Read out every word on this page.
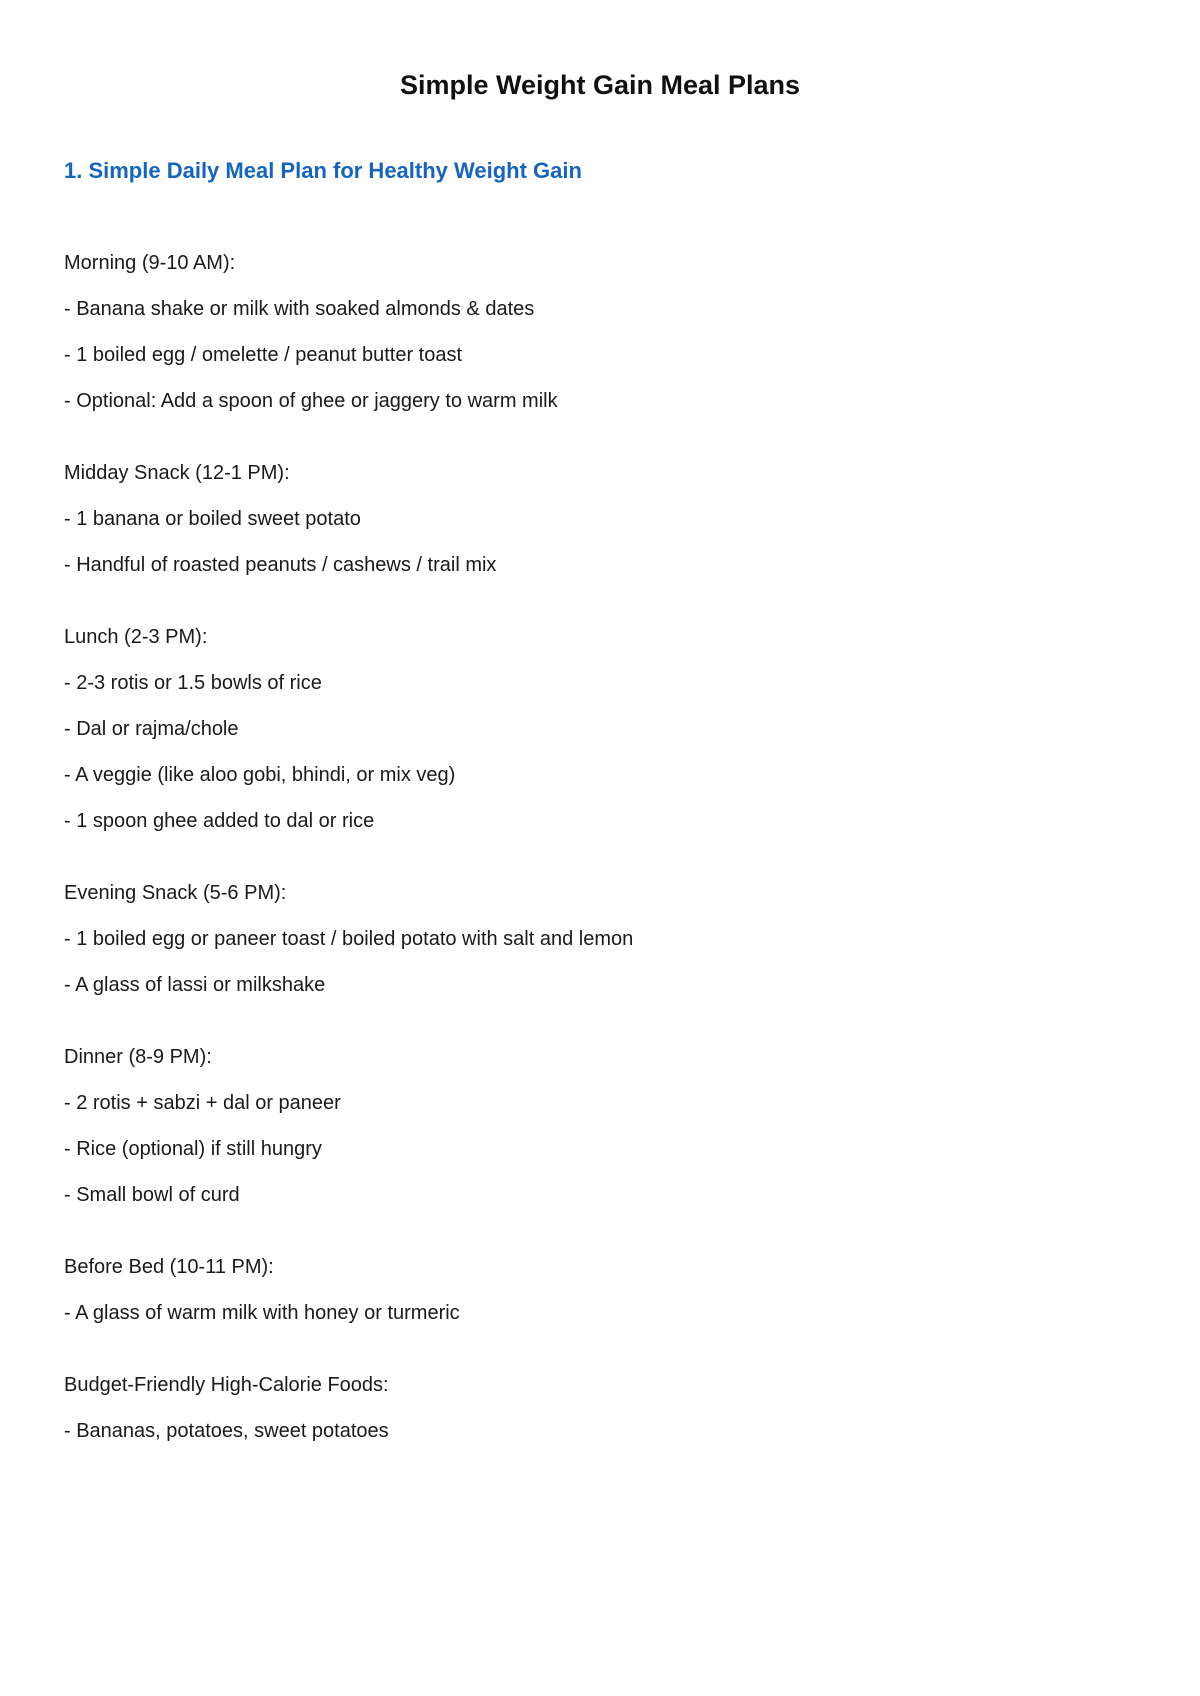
Simple Weight Gain Meal Plans
1. Simple Daily Meal Plan for Healthy Weight Gain

Morning (9-10 AM):

- Banana shake or milk with soaked almonds & dates

- 1 boiled egg / omelette / peanut butter toast

- Optional: Add a spoon of ghee or jaggery to warm milk

Midday Snack (12-1 PM):

- 1 banana or boiled sweet potato

- Handful of roasted peanuts / cashews / trail mix

Lunch (2-3 PM):

- 2-3 rotis or 1.5 bowls of rice

- Dal or rajma/chole

- A veggie (like aloo gobi, bhindi, or mix veg)

- 1 spoon ghee added to dal or rice

Evening Snack (5-6 PM):

- 1 boiled egg or paneer toast / boiled potato with salt and lemon

- A glass of lassi or milkshake

Dinner (8-9 PM):

- 2 rotis + sabzi + dal or paneer

- Rice (optional) if still hungry

- Small bowl of curd

Before Bed (10-11 PM):

- A glass of warm milk with honey or turmeric

Budget-Friendly High-Calorie Foods:

- Bananas, potatoes, sweet potatoes
